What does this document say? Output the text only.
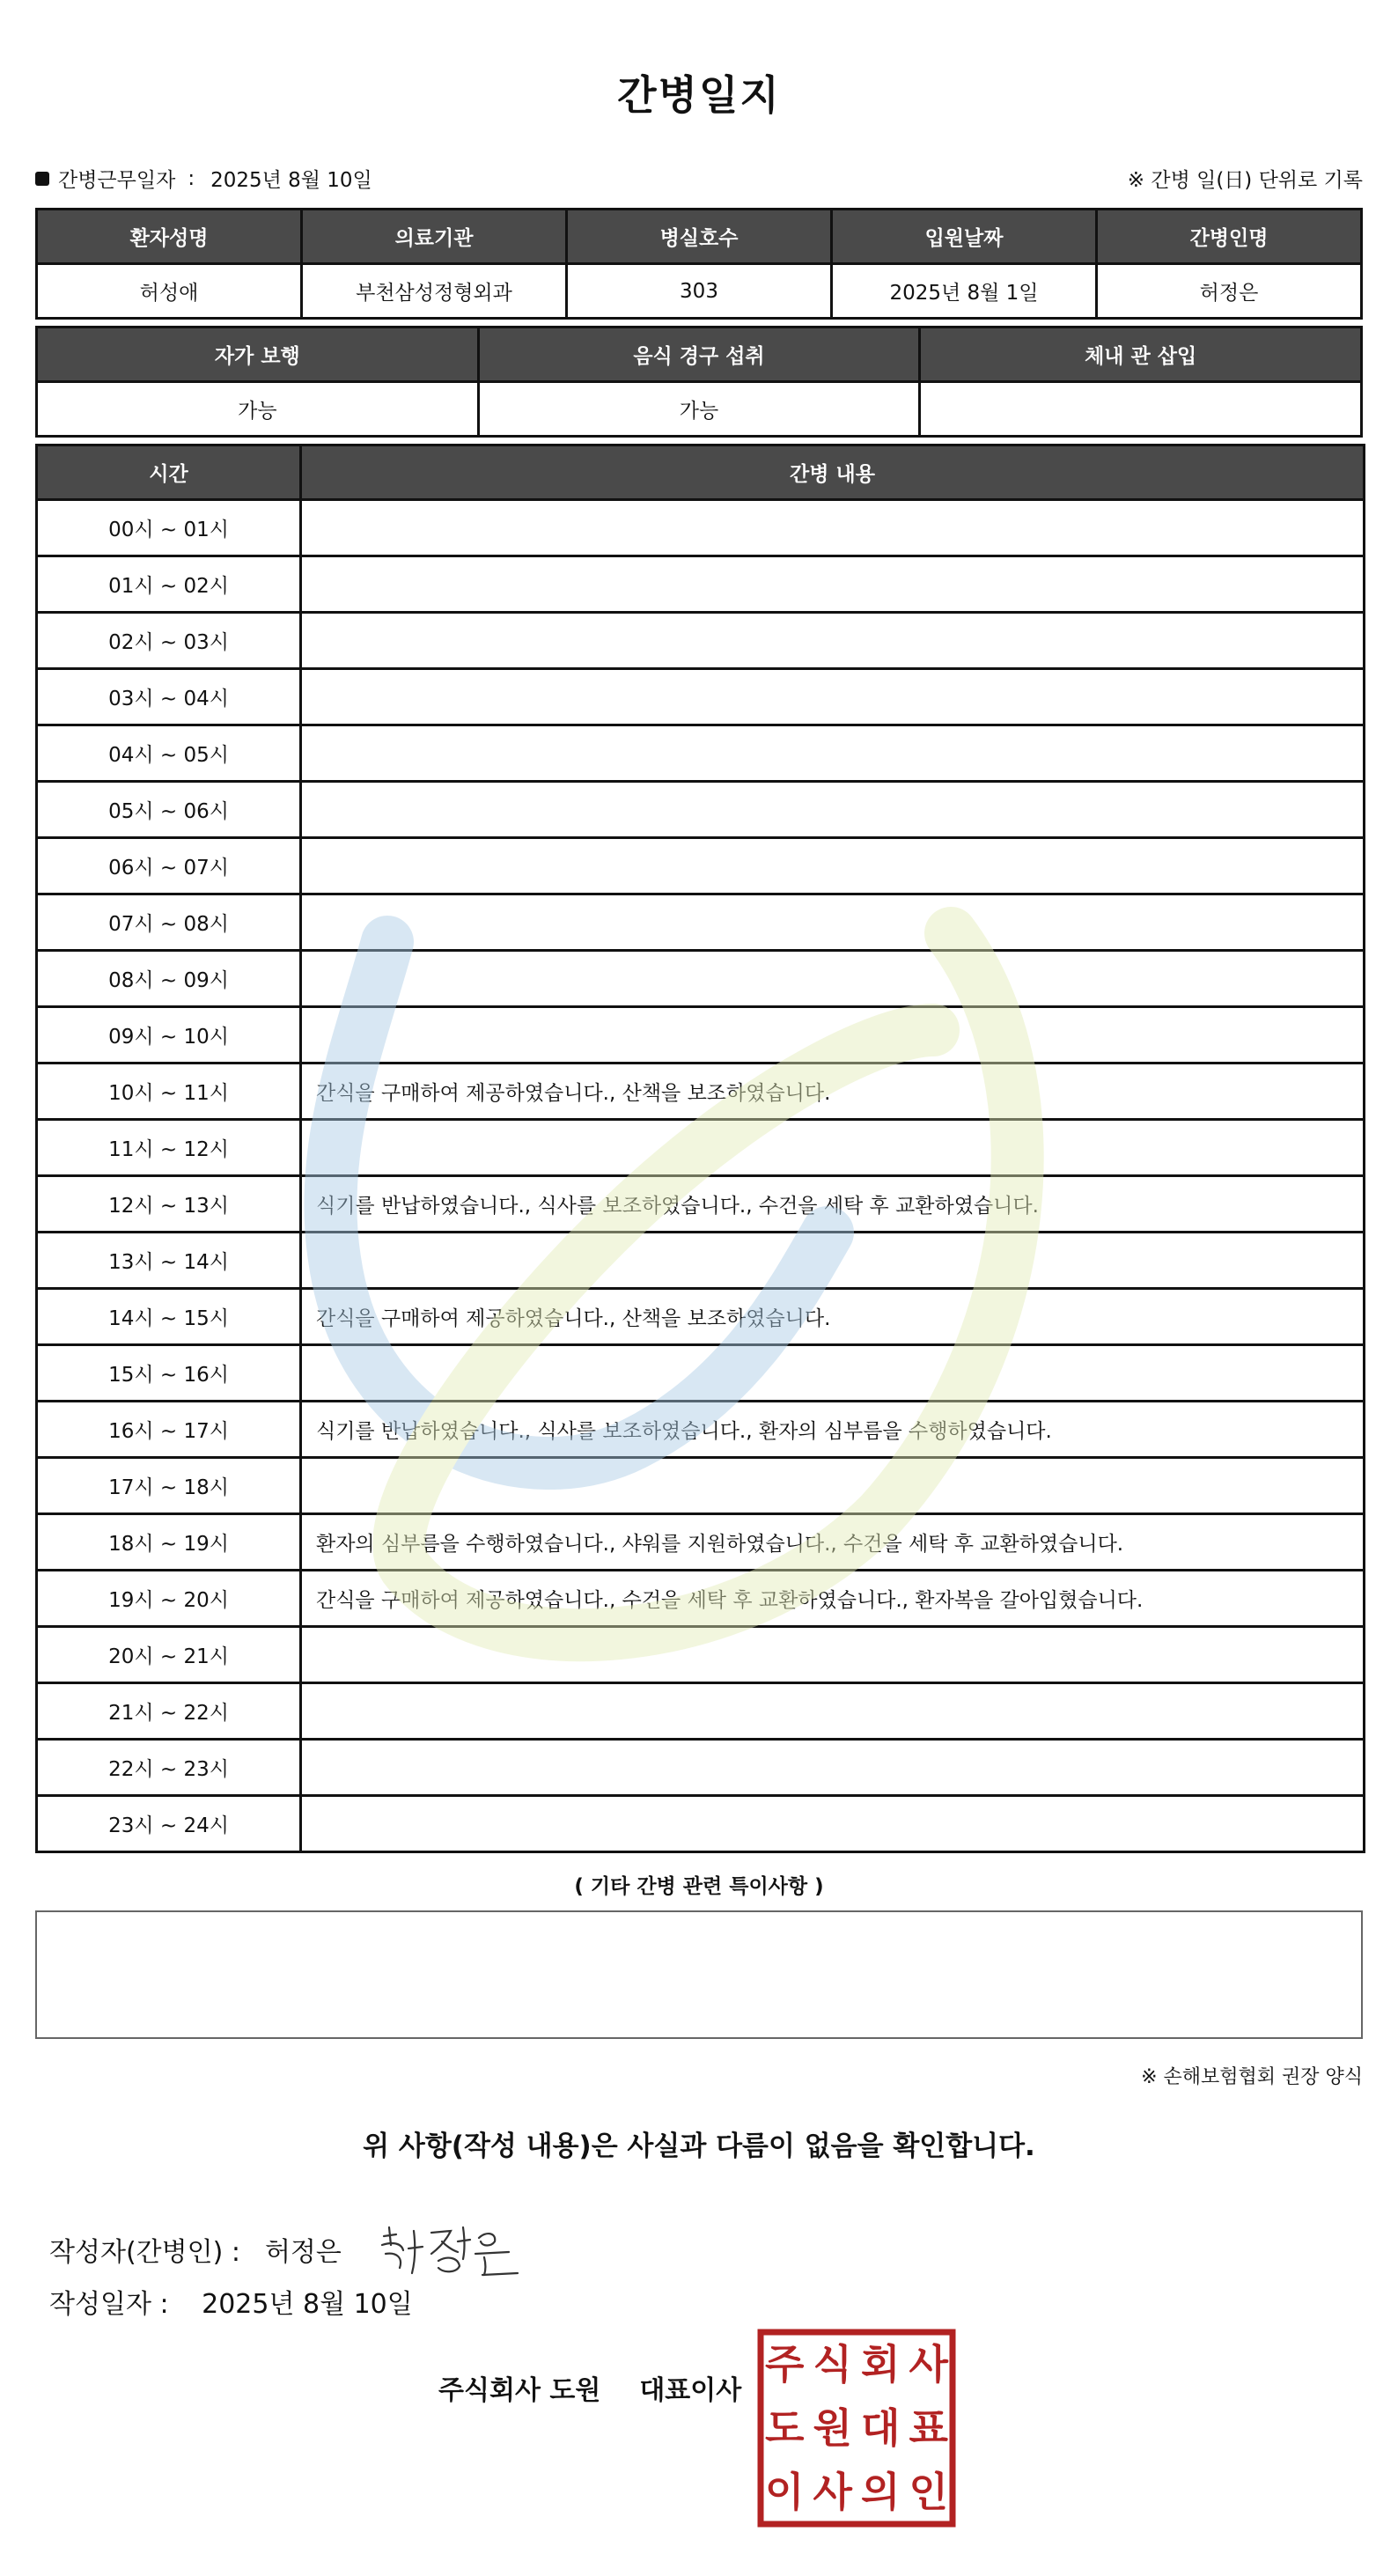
간병일지
간병근무일자 : 2025년 8월 10일	※ 간병 일(日) 단위로 기록
환자성명	의료기관	병실호수	입원날짜	간병인명
허성애	부천삼성정형외과	303	2025년 8월 1일	허정은
자가 보행	음식 경구 섭취	체내 관 삽입
가능	가능	
시간	간병 내용
00시 ~ 01시	
01시 ~ 02시	
02시 ~ 03시	
03시 ~ 04시	
04시 ~ 05시	
05시 ~ 06시	
06시 ~ 07시	
07시 ~ 08시	
08시 ~ 09시	
09시 ~ 10시	
10시 ~ 11시	간식을 구매하여 제공하였습니다., 산책을 보조하였습니다.
11시 ~ 12시	
12시 ~ 13시	식기를 반납하였습니다., 식사를 보조하였습니다., 수건을 세탁 후 교환하였습니다.
13시 ~ 14시	
14시 ~ 15시	간식을 구매하여 제공하였습니다., 산책을 보조하였습니다.
15시 ~ 16시	
16시 ~ 17시	식기를 반납하였습니다., 식사를 보조하였습니다., 환자의 심부름을 수행하였습니다.
17시 ~ 18시	
18시 ~ 19시	환자의 심부름을 수행하였습니다., 샤워를 지원하였습니다., 수건을 세탁 후 교환하였습니다.
19시 ~ 20시	간식을 구매하여 제공하였습니다., 수건을 세탁 후 교환하였습니다., 환자복을 갈아입혔습니다.
20시 ~ 21시	
21시 ~ 22시	
22시 ~ 23시	
23시 ~ 24시	
( 기타 간병 관련 특이사항 )
※ 손해보험협회 권장 양식
위 사항(작성 내용)은 사실과 다름이 없음을 확인합니다.
작성자(간병인) : 허정은
작성일자 : 2025년 8월 10일
주식회사 도원 대표이사
주 식 회 사
도 원 대 표
이 사 의 인
